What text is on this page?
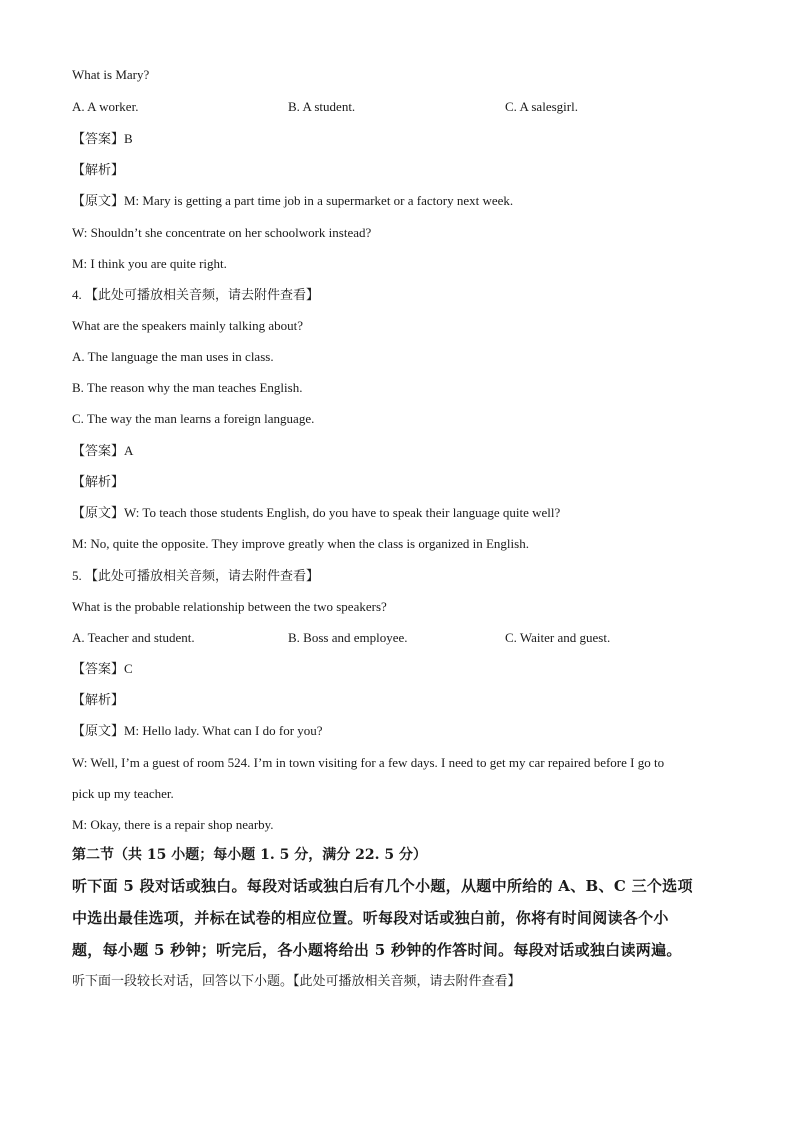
What is Mary?
A. A worker.	B. A student.	C. A salesgirl.
【答案】B
【解析】
【原文】M: Mary is getting a part time job in a supermarket or a factory next week.
W: Shouldn’t she concentrate on her schoolwork instead?
M: I think you are quite right.
4. 【此处可播放相关音频，请去附件查看】
What are the speakers mainly talking about?
A. The language the man uses in class.
B. The reason why the man teaches English.
C. The way the man learns a foreign language.
【答案】A
【解析】
【原文】W: To teach those students English, do you have to speak their language quite well?
M: No, quite the opposite. They improve greatly when the class is organized in English.
5. 【此处可播放相关音频，请去附件查看】
What is the probable relationship between the two speakers?
A. Teacher and student.	B. Boss and employee.	C. Waiter and guest.
【答案】C
【解析】
【原文】M: Hello lady. What can I do for you?
W: Well, I’m a guest of room 524. I’m in town visiting for a few days. I need to get my car repaired before I go to
pick up my teacher.
M: Okay, there is a repair shop nearby.
第二节（共 15 小题；每小题 1. 5 分，满分 22. 5 分）
听下面 5 段对话或独白。每段对话或独白后有几个小题，从题中所给的 A、B、C 三个选项
中选出最佳选项，并标在试卷的相应位置。听每段对话或独白前，你将有时间阅读各个小
题，每小题 5 秒钟；听完后，各小题将给出 5 秒钟的作答时间。每段对话或独白读两遍。
听下面一段较长对话，回答以下小题。【此处可播放相关音频，请去附件查看】
